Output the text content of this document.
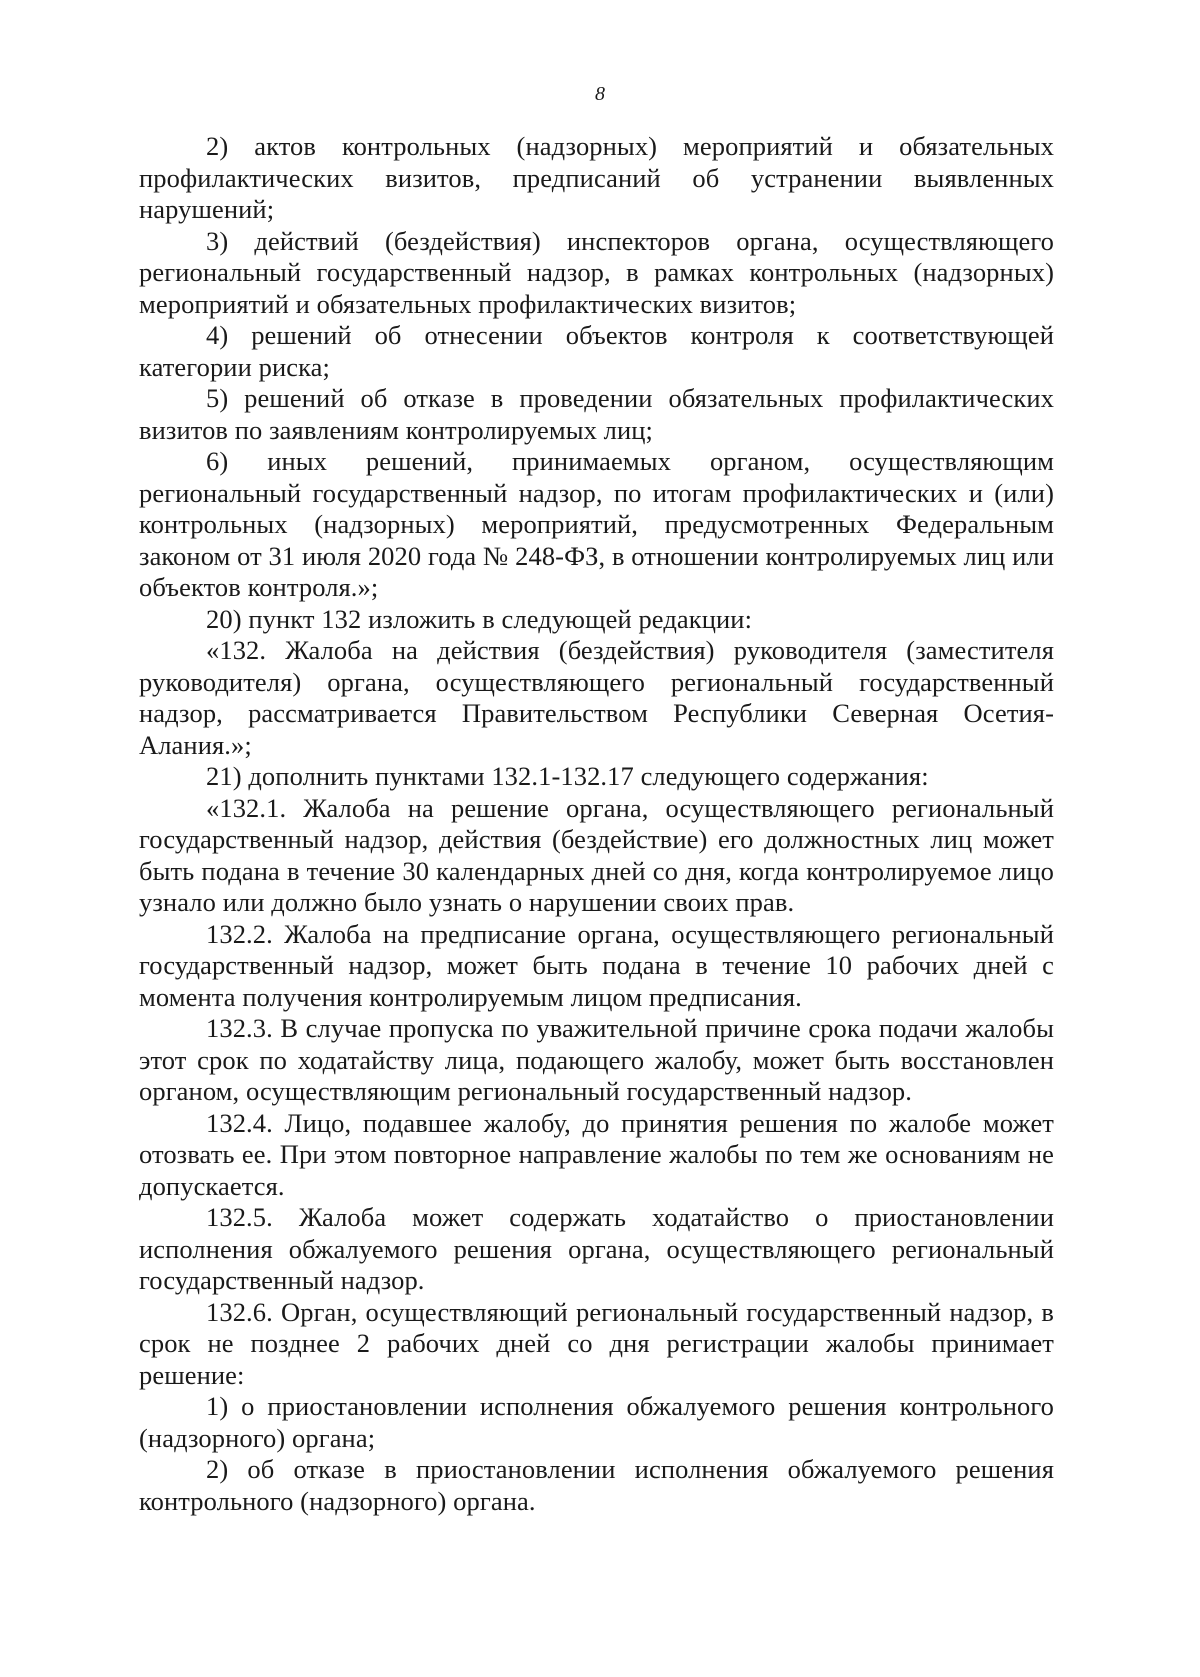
8

2) актов контрольных (надзорных) мероприятий и обязательных профилактических визитов, предписаний об устранении выявленных нарушений;

3) действий (бездействия) инспекторов органа, осуществляющего региональный государственный надзор, в рамках контрольных (надзорных) мероприятий и обязательных профилактических визитов;

4) решений об отнесении объектов контроля к соответствующей категории риска;

5) решений об отказе в проведении обязательных профилактических визитов по заявлениям контролируемых лиц;

6) иных решений, принимаемых органом, осуществляющим региональный государственный надзор, по итогам профилактических и (или) контрольных (надзорных) мероприятий, предусмотренных Федеральным законом от 31 июля 2020 года № 248-ФЗ, в отношении контролируемых лиц или объектов контроля.»;

20) пункт 132 изложить в следующей редакции:

«132. Жалоба на действия (бездействия) руководителя (заместителя руководителя) органа, осуществляющего региональный государственный надзор, рассматривается Правительством Республики Северная Осетия-Алания.»;

21) дополнить пунктами 132.1-132.17 следующего содержания:

«132.1. Жалоба на решение органа, осуществляющего региональный государственный надзор, действия (бездействие) его должностных лиц может быть подана в течение 30 календарных дней со дня, когда контролируемое лицо узнало или должно было узнать о нарушении своих прав.

132.2. Жалоба на предписание органа, осуществляющего региональный государственный надзор, может быть подана в течение 10 рабочих дней с момента получения контролируемым лицом предписания.

132.3. В случае пропуска по уважительной причине срока подачи жалобы этот срок по ходатайству лица, подающего жалобу, может быть восстановлен органом, осуществляющим региональный государственный надзор.

132.4. Лицо, подавшее жалобу, до принятия решения по жалобе может отозвать ее. При этом повторное направление жалобы по тем же основаниям не допускается.

132.5. Жалоба может содержать ходатайство о приостановлении исполнения обжалуемого решения органа, осуществляющего региональный государственный надзор.

132.6. Орган, осуществляющий региональный государственный надзор, в срок не позднее 2 рабочих дней со дня регистрации жалобы принимает решение:

1) о приостановлении исполнения обжалуемого решения контрольного (надзорного) органа;

2) об отказе в приостановлении исполнения обжалуемого решения контрольного (надзорного) органа.
